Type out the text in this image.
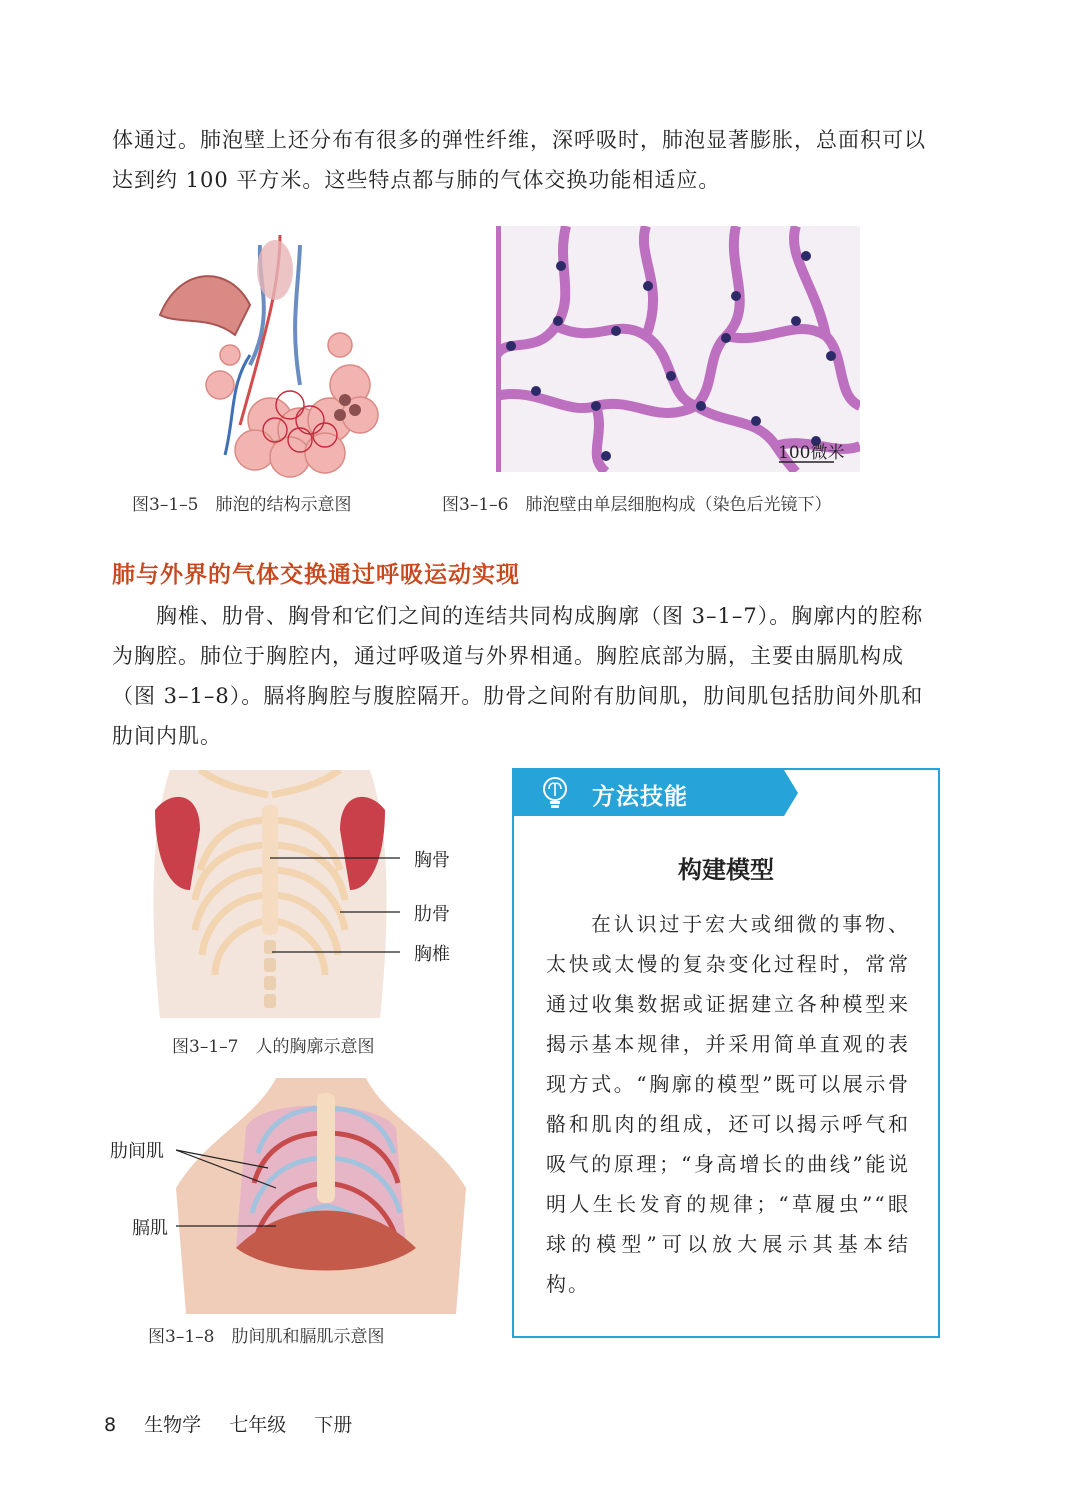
体通过。肺泡壁上还分布有很多的弹性纤维，深呼吸时，肺泡显著膨胀，总面积可以达到约 100 平方米。这些特点都与肺的气体交换功能相适应。
100微米
图3–1–5　肺泡的结构示意图	图3–1–6　肺泡壁由单层细胞构成（染色后光镜下）
肺与外界的气体交换通过呼吸运动实现
胸椎、肋骨、胸骨和它们之间的连结共同构成胸廓（图 3–1–7）。胸廓内的腔称为胸腔。肺位于胸腔内，通过呼吸道与外界相通。胸腔底部为膈，主要由膈肌构成（图 3–1–8）。膈将胸腔与腹腔隔开。肋骨之间附有肋间肌，肋间肌包括肋间外肌和肋间内肌。
胸骨
肋骨
胸椎
图3–1–7　人的胸廓示意图
肋间肌
膈肌
图3–1–8　肋间肌和膈肌示意图
方法技能
构建模型
在认识过于宏大或细微的事物、太快或太慢的复杂变化过程时，常常通过收集数据或证据建立各种模型来揭示基本规律，并采用简单直观的表现方式。“胸廓的模型”既可以展示骨骼和肌肉的组成，还可以揭示呼气和吸气的原理；“身高增长的曲线”能说明人生长发育的规律；“草履虫”“眼球的模型”可以放大展示其基本结构。
8 生物学 七年级 下册
